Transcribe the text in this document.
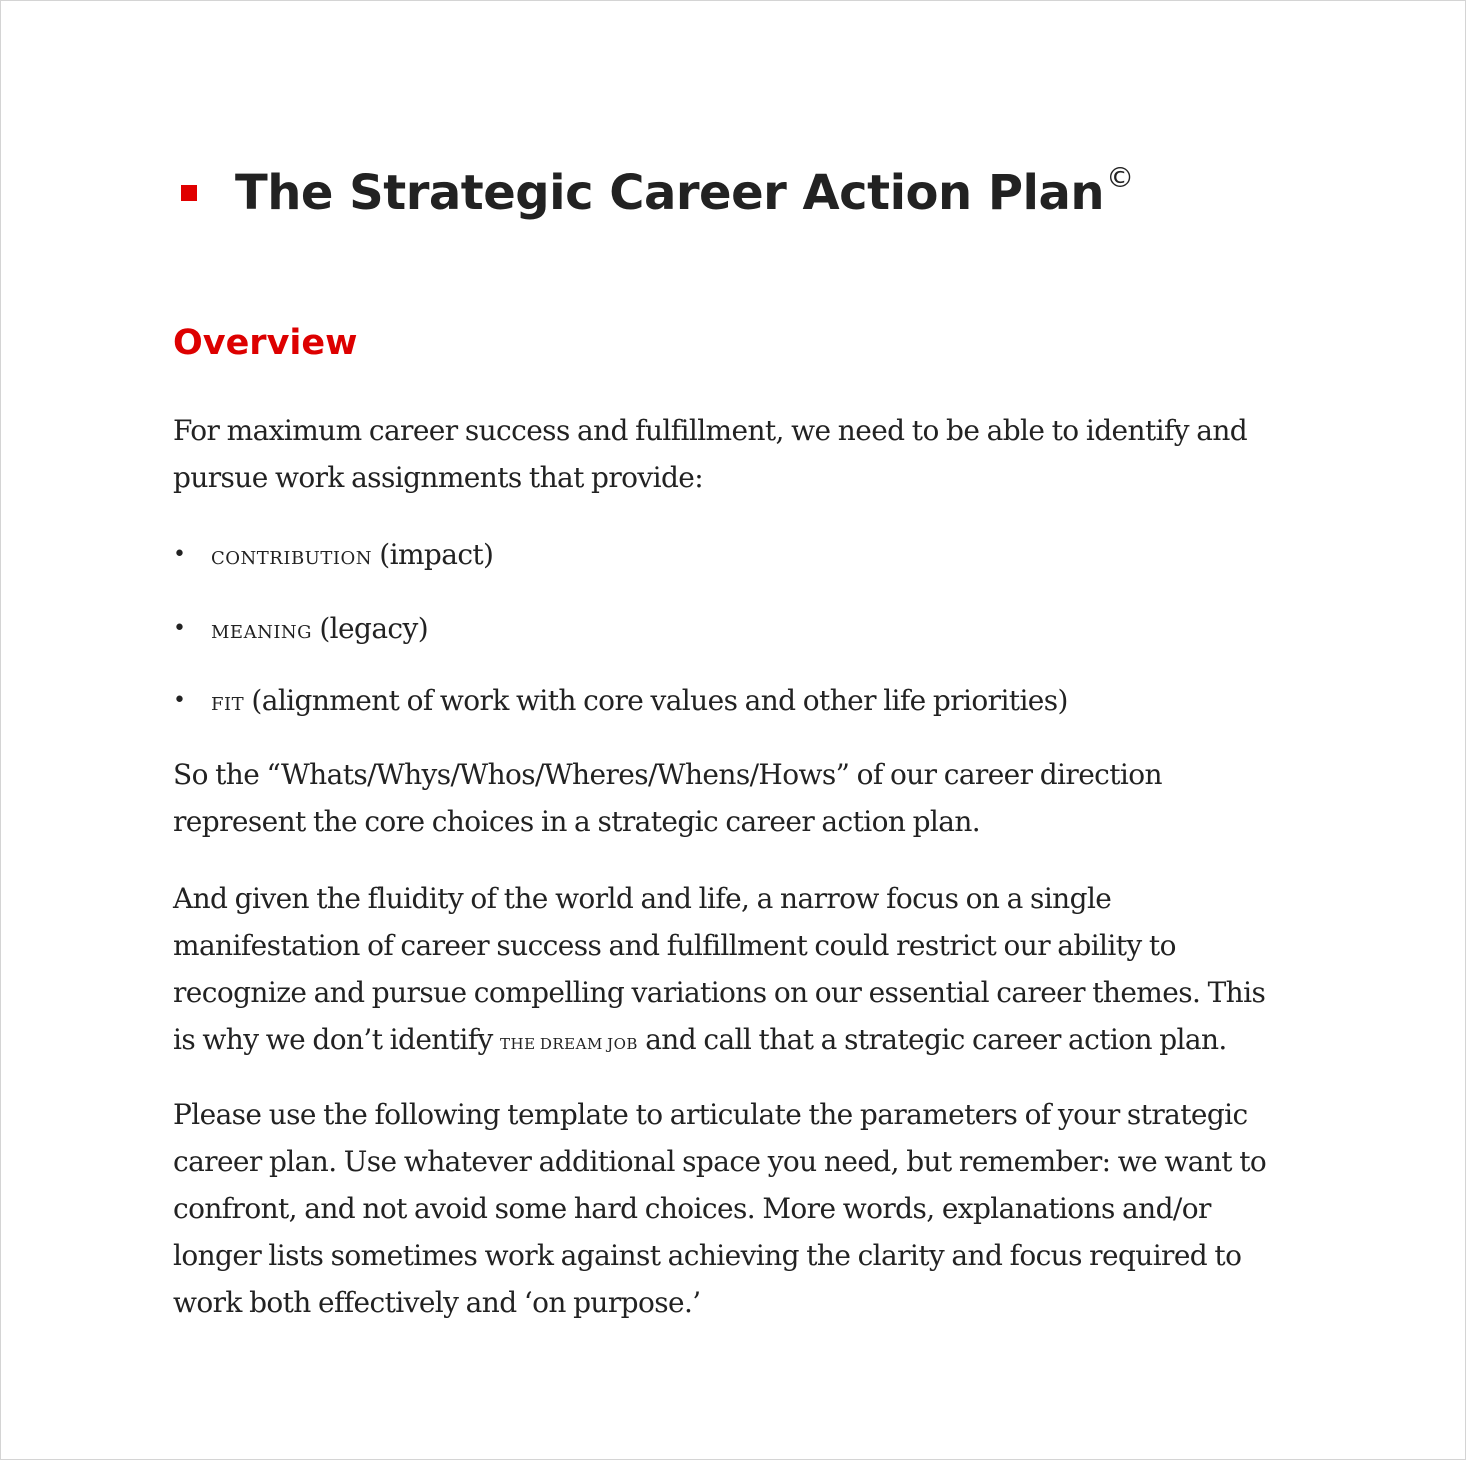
The Strategic Career Action Plan©
Overview
For maximum career success and fulfillment, we need to be able to identify and
pursue work assignments that provide:
•	CONTRIBUTION (impact)
•	MEANING (legacy)
•	FIT (alignment of work with core values and other life priorities)
So the “Whats/Whys/Whos/Wheres/Whens/Hows” of our career direction
represent the core choices in a strategic career action plan.
And given the fluidity of the world and life, a narrow focus on a single
manifestation of career success and fulfillment could restrict our ability to
recognize and pursue compelling variations on our essential career themes. This
is why we don’t identify THE DREAM JOB and call that a strategic career action plan.
Please use the following template to articulate the parameters of your strategic
career plan. Use whatever additional space you need, but remember: we want to
confront, and not avoid some hard choices. More words, explanations and/or
longer lists sometimes work against achieving the clarity and focus required to
work both effectively and ‘on purpose.’
